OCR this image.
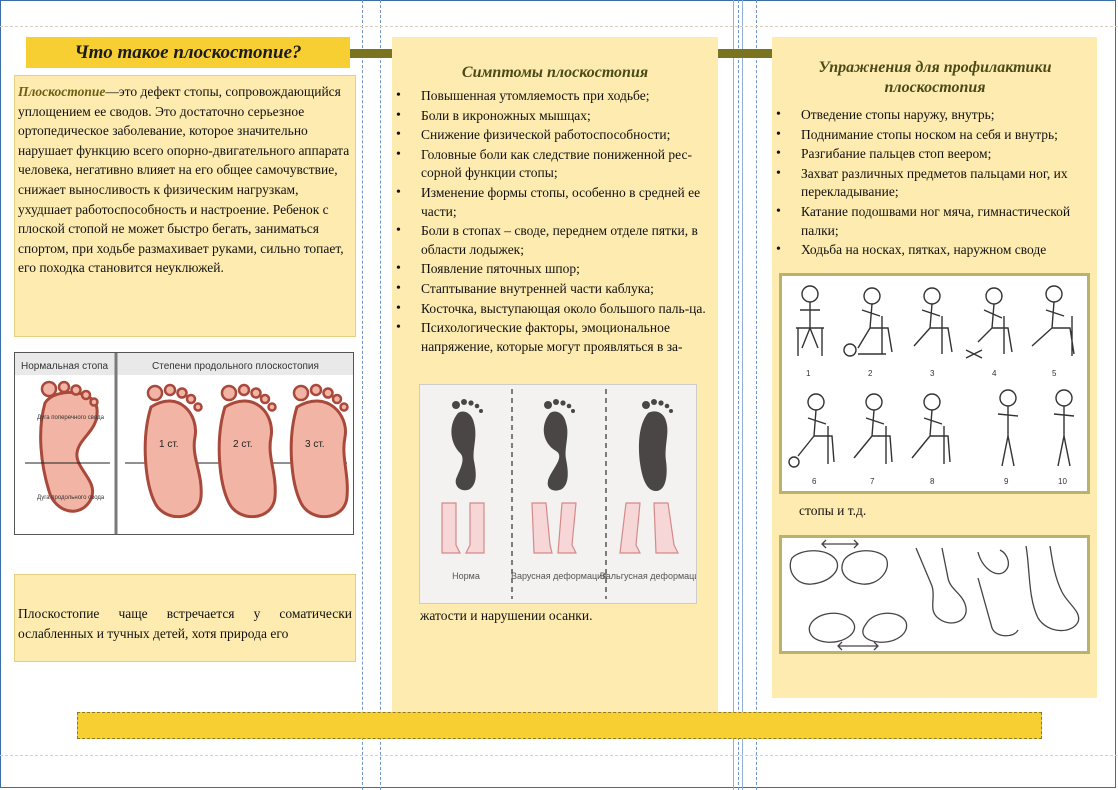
Что такое плоскостопие?
Плоскостопие—это дефект стопы, сопровождающийся уплощением ее сводов. Это достаточно серьезное ортопедическое заболевание, которое значительно нарушает функцию всего опорно-двигательного аппарата человека, негативно влияет на его общее самочувствие, снижает выносливость к физическим нагрузкам, ухудшает работоспособность и настроение. Ребенок с плоской стопой не может быстро бегать, заниматься спортом, при ходьбе размахивает руками, сильно топает, его походка становится неуклюжей.
Нормальная стопа	Степени продольного плоскостопия
Дуга поперечного свода
Дуга продольного свода
1 ст.	2 ст.	3 ст.
Плоскостопие чаще встречается у соматически ослабленных и тучных детей, хотя природа его
Симптомы плоскостопия
• Повышенная утомляемость при ходьбе;
• Боли в икроножных мышцах;
• Снижение физической работоспособности;
• Головные боли как следствие пониженной рес-сорной функции стопы;
• Изменение формы стопы, особенно в средней ее части;
• Боли в стопах – своде, переднем отделе пятки, в области лодыжек;
• Появление пяточных шпор;
• Стаптывание внутренней части каблука;
• Косточка, выступающая около большого паль-ца.
• Психологические факторы, эмоциональное напряжение, которые могут проявляться в за-
Норма	Варусная деформация
Вальгусная деформация
жатости и нарушении осанки.
Упражнения для профилактики плоскостопия
• Отведение стопы наружу, внутрь;
• Поднимание стопы носком на себя и внутрь;
• Разгибание пальцев стоп веером;
• Захват различных предметов пальцами ног, их перекладывание;
• Катание подошвами ног мяча, гимнастической палки;
• Ходьба на носках, пятках, наружном своде
1	2	3	4	5
6	7	8	9	10
стопы и т.д.
